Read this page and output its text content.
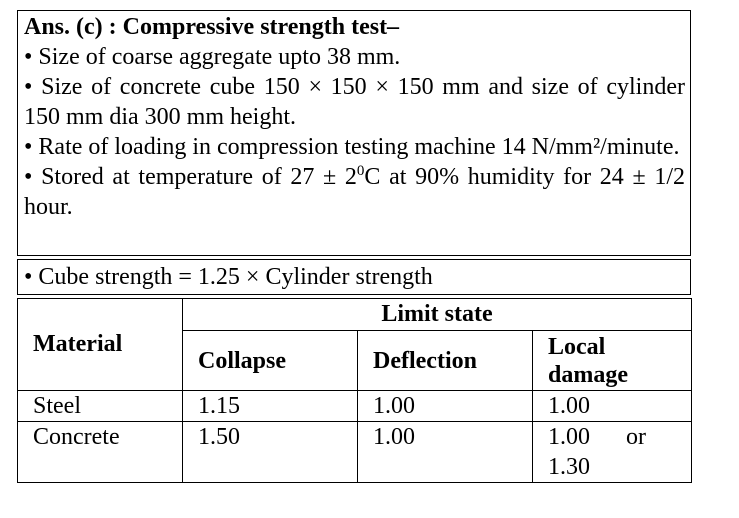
Ans. (c) : Compressive strength test–

• Size of coarse aggregate upto 38 mm.

• Size of concrete cube 150 × 150 × 150 mm and size of cylinder 150 mm dia 300 mm height.

• Rate of loading in compression testing machine 14 N/mm²/minute.

• Stored at temperature of $27 \pm 2^0C$ at 90% humidity for 24 ± 1/2 hour.

• Cube strength = 1.25 × Cylinder strength

Material	Limit state		
	Collapse	Deflection	Local damage
Steel	1.15	1.00	1.00
Concrete	1.50	1.00	1.00      or 1.30
